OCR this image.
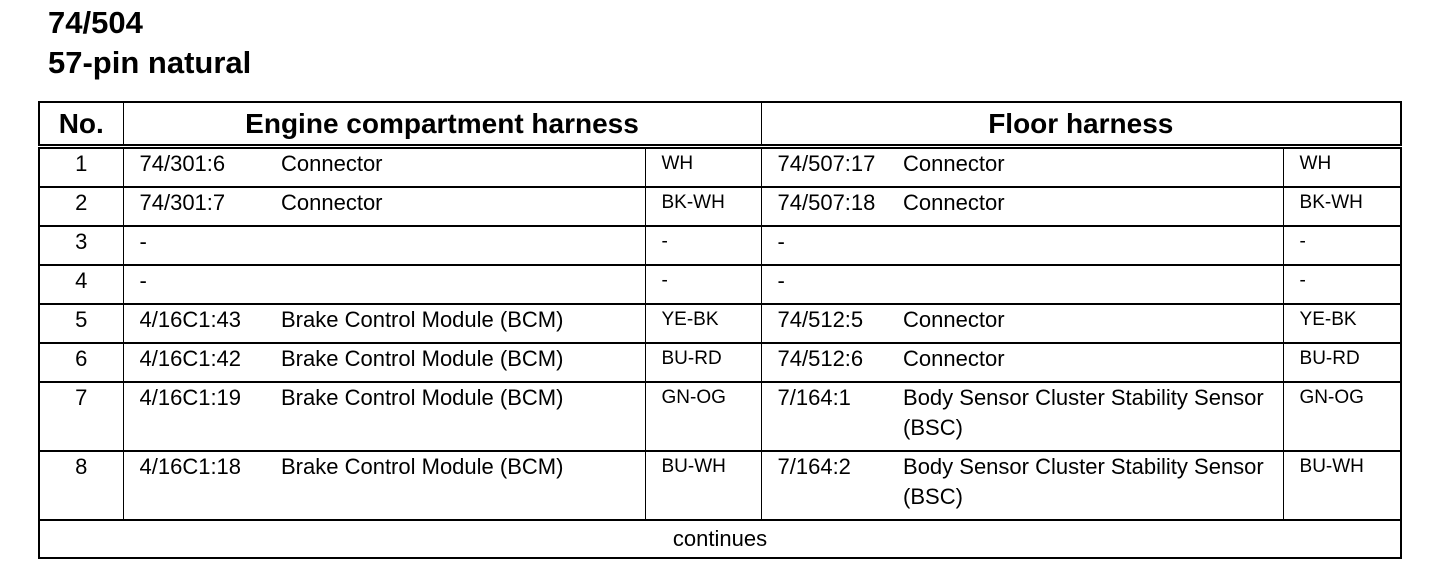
74/504
57-pin natural
No.	Engine compartment harness			Floor harness		
1	74/301:6	Connector	WH	74/507:17	Connector	WH
2	74/301:7	Connector	BK-WH	74/507:18	Connector	BK-WH
3	-		-	-		-
4	-		-	-		-
5	4/16C1:43	Brake Control Module (BCM)	YE-BK	74/512:5	Connector	YE-BK
6	4/16C1:42	Brake Control Module (BCM)	BU-RD	74/512:6	Connector	BU-RD
7	4/16C1:19	Brake Control Module (BCM)	GN-OG	7/164:1	Body Sensor Cluster Stability Sensor (BSC)	GN-OG
8	4/16C1:18	Brake Control Module (BCM)	BU-WH	7/164:2	Body Sensor Cluster Stability Sensor (BSC)	BU-WH
continues						
